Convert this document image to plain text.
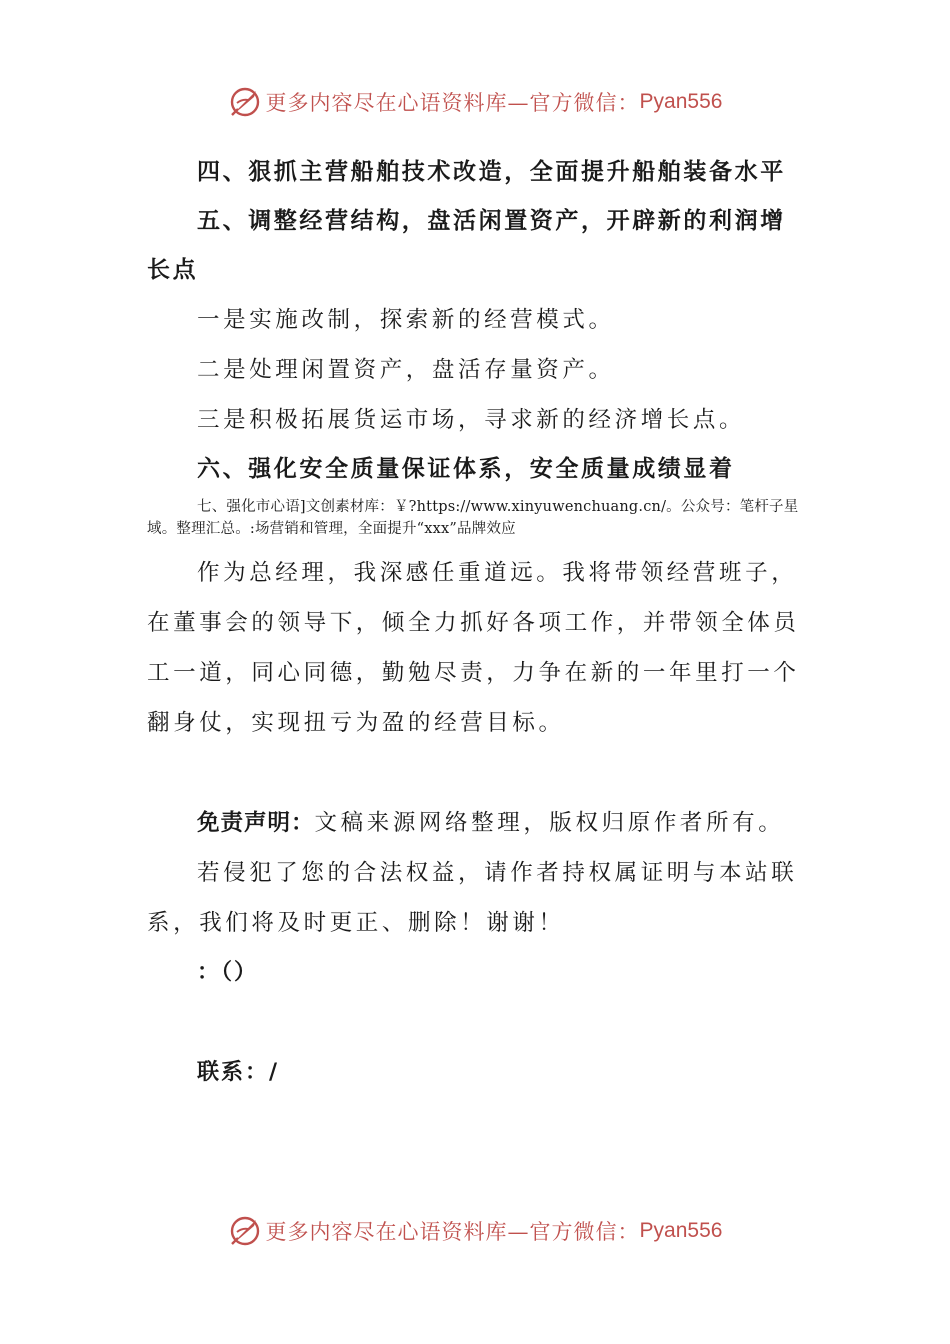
更多内容尽在心语资料库—官方微信： Pyan556

四、狠抓主营船舶技术改造，全面提升船舶装备水平

五、调整经营结构，盘活闲置资产，开辟新的利润增长点

一是实施改制，探索新的经营模式。

二是处理闲置资产，盘活存量资产。

三是积极拓展货运市场，寻求新的经济增长点。

六、强化安全质量保证体系，安全质量成绩显着

七、强化市心语]文创素材库：￥?https://www.xinyuwenchuang.cn/。公众号：笔杆子星域。整理汇总。:场营销和管理，全面提升“xxx”品牌效应

作为总经理，我深感任重道远。我将带领经营班子，在董事会的领导下，倾全力抓好各项工作，并带领全体员工一道，同心同德，勤勉尽责，力争在新的一年里打一个翻身仗，实现扭亏为盈的经营目标。

免责声明：文稿来源网络整理，版权归原作者所有。

若侵犯了您的合法权益，请作者持权属证明与本站联系，我们将及时更正、删除！谢谢！

：（）

联系：/

更多内容尽在心语资料库—官方微信： Pyan556
